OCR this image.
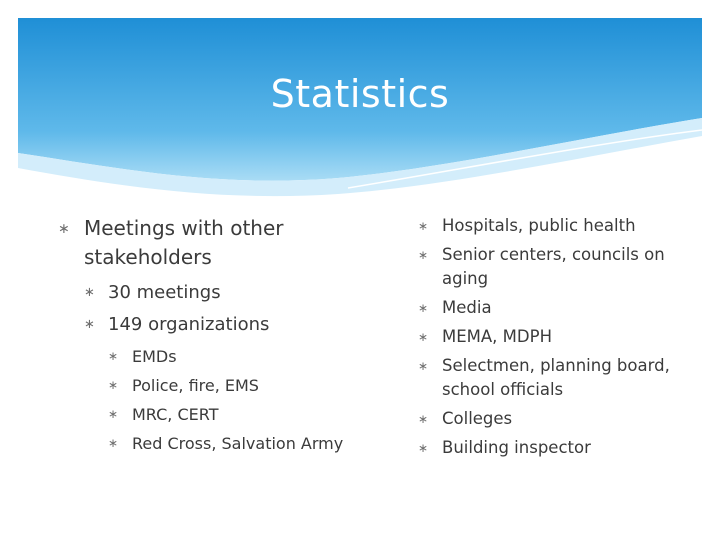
Statistics
∗ Meetings with other stakeholders
∗ 30 meetings
∗ 149 organizations
∗ EMDs
∗ Police, fire, EMS
∗ MRC, CERT
∗ Red Cross, Salvation Army
∗ Hospitals, public health
∗ Senior centers, councils on aging
∗ Media
∗ MEMA, MDPH
∗ Selectmen, planning board, school officials
∗ Colleges
∗ Building inspector
